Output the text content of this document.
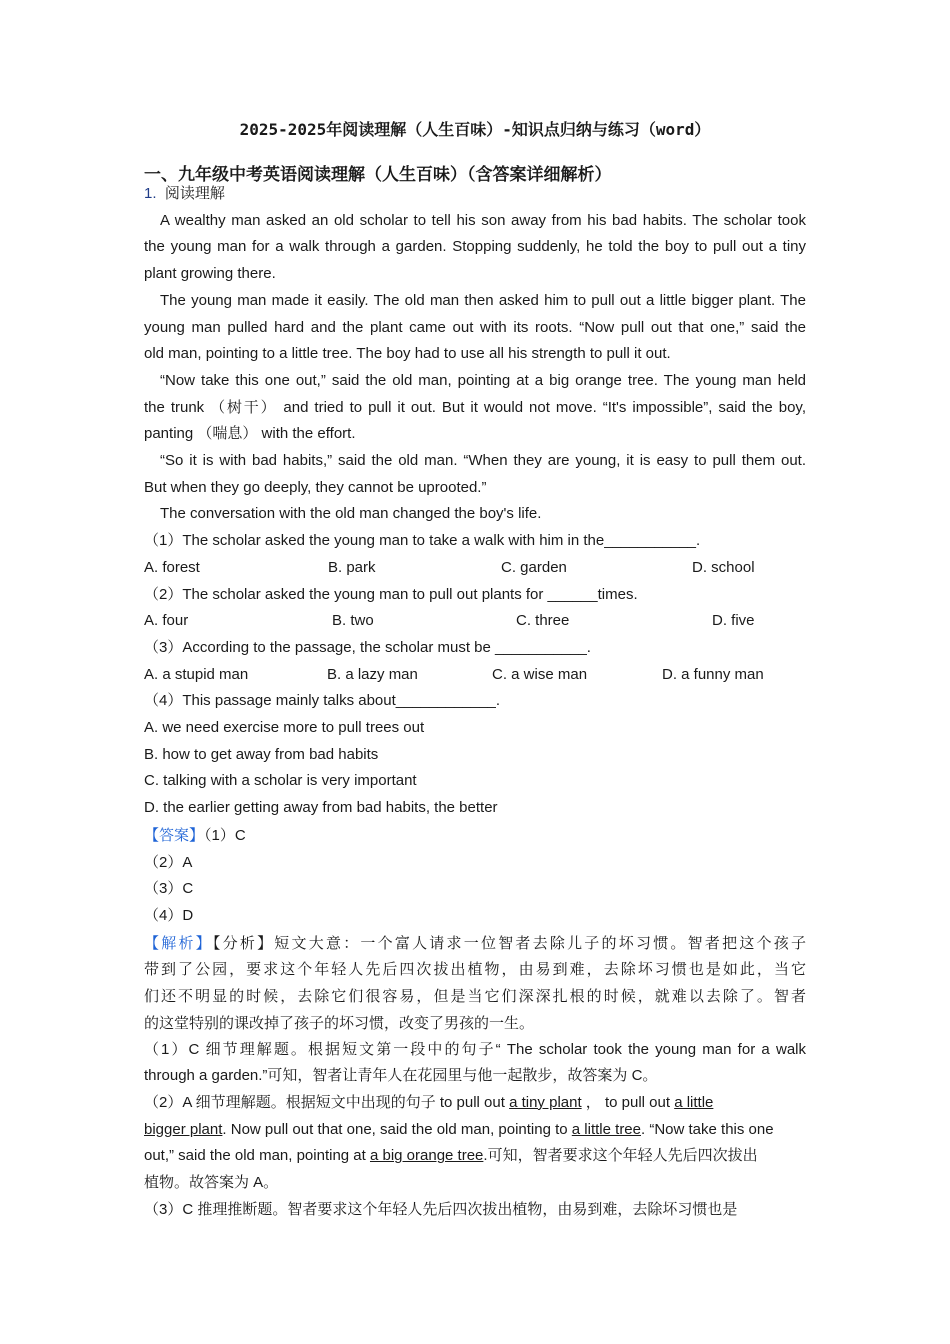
2025-2025年阅读理解（人生百味）-知识点归纳与练习（word）
一、九年级中考英语阅读理解（人生百味）（含答案详细解析）
1. 阅读理解
A wealthy man asked an old scholar to tell his son away from his bad habits. The scholar took
the young man for a walk through a garden. Stopping suddenly, he told the boy to pull out a tiny
plant growing there.
The young man made it easily. The old man then asked him to pull out a little bigger plant. The
young man pulled hard and the plant came out with its roots. “Now pull out that one,” said the
old man, pointing to a little tree. The boy had to use all his strength to pull it out.
“Now take this one out,” said the old man, pointing at a big orange tree. The young man held
the trunk （树干） and tried to pull it out. But it would not move. “It's impossible”, said the boy,
panting （喘息） with the effort.
“So it is with bad habits,” said the old man. “When they are young, it is easy to pull them out.
But when they go deeply, they cannot be uprooted.”
The conversation with the old man changed the boy's life.
（1）The scholar asked the young man to take a walk with him in the___________.
A. forest	B. park	C. garden	D. school
（2）The scholar asked the young man to pull out plants for ______times.
A. four	B. two	C. three	D. five
（3）According to the passage, the scholar must be ___________.
A. a stupid man	B. a lazy man	C. a wise man	D. a funny man
（4）This passage mainly talks about____________.
A. we need exercise more to pull trees out
B. how to get away from bad habits
C. talking with a scholar is very important
D. the earlier getting away from bad habits, the better
【答案】（1）C
（2）A
（3）C
（4）D
【解析】【分析】短文大意：一个富人请求一位智者去除儿子的坏习惯。智者把这个孩子
带到了公园，要求这个年轻人先后四次拔出植物，由易到难，去除坏习惯也是如此，当它
们还不明显的时候，去除它们很容易，但是当它们深深扎根的时候，就难以去除了。智者
的这堂特别的课改掉了孩子的坏习惯，改变了男孩的一生。
（1）C 细节理解题。根据短文第一段中的句子“ The scholar took the young man for a walk
through a garden.”可知，智者让青年人在花园里与他一起散步，故答案为 C。
（2）A 细节理解题。根据短文中出现的句子 to pull out a tiny plant ， to pull out a little
bigger plant. Now pull out that one, said the old man, pointing to a little tree. “Now take this one
out,” said the old man, pointing at a big orange tree.可知，智者要求这个年轻人先后四次拔出
植物。故答案为 A。
（3）C 推理推断题。智者要求这个年轻人先后四次拔出植物，由易到难，去除坏习惯也是
